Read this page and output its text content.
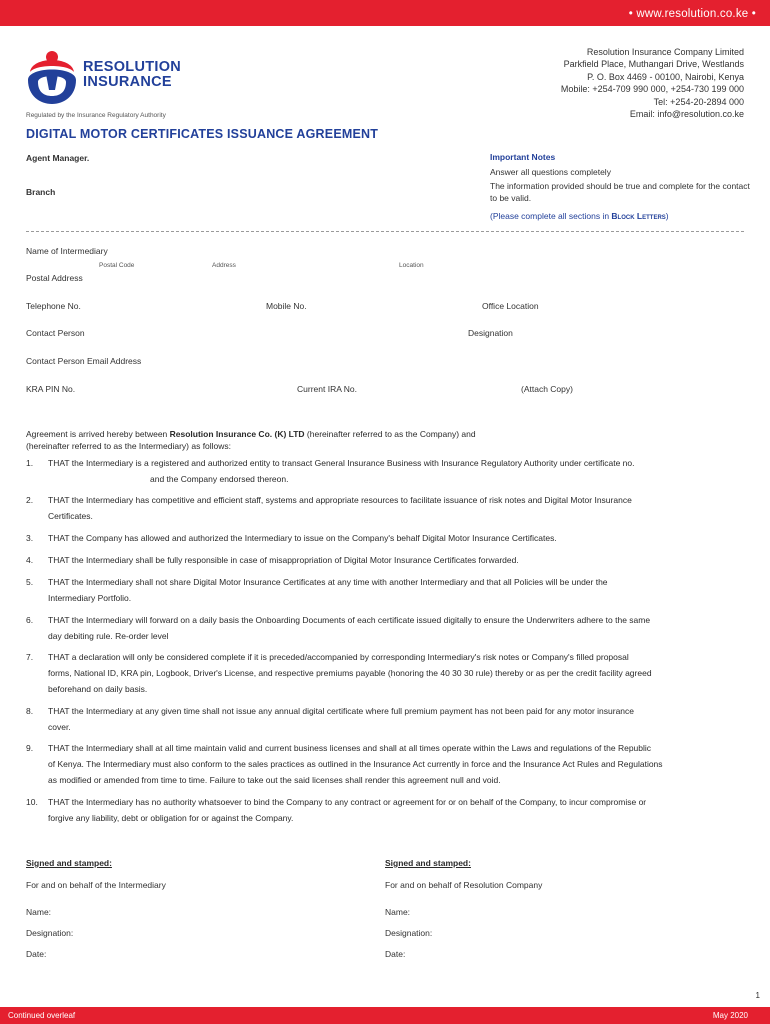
• www.resolution.co.ke •
RESOLUTION
INSURANCE
Regulated by the Insurance Regulatory Authority
Resolution Insurance Company Limited
Parkfield Place, Muthangari Drive, Westlands
P. O. Box 4469 - 00100, Nairobi, Kenya
Mobile: +254-709 990 000, +254-730 199 000
Tel: +254-20-2894 000
Email: info@resolution.co.ke
DIGITAL MOTOR CERTIFICATES ISSUANCE AGREEMENT
Agent Manager.
Branch
Important Notes
Answer all questions completely
The information provided should be true and complete for the contact to be valid.
(Please complete all sections in Block Letters)
Name of Intermediary
Postal Code	Address	Location
Postal Address
Telephone No.	Mobile No.	Office Location
Contact Person	Designation
Contact Person Email Address
KRA PIN No.	Current IRA No.	(Attach Copy)
Agreement is arrived hereby between Resolution Insurance Co. (K) LTD (hereinafter referred to as the Company) and
(hereinafter referred to as the Intermediary) as follows:
1. THAT the Intermediary is a registered and authorized entity to transact General Insurance Business with Insurance Regulatory Authority under certificate no.
and the Company endorsed thereon.
2. THAT the Intermediary has competitive and efficient staff, systems and appropriate resources to facilitate issuance of risk notes and Digital Motor Insurance
Certificates.
3. THAT the Company has allowed and authorized the Intermediary to issue on the Company's behalf Digital Motor Insurance Certificates.
4. THAT the Intermediary shall be fully responsible in case of misappropriation of Digital Motor Insurance Certificates forwarded.
5. THAT the Intermediary shall not share Digital Motor Insurance Certificates at any time with another Intermediary and that all Policies will be under the
Intermediary Portfolio.
6. THAT the Intermediary will forward on a daily basis the Onboarding Documents of each certificate issued digitally to ensure the Underwriters adhere to the same
day debiting rule. Re-order level
7. THAT a declaration will only be considered complete if it is preceded/accompanied by corresponding Intermediary's risk notes or Company's filled proposal
forms, National ID, KRA pin, Logbook, Driver's License, and respective premiums payable (honoring the 40 30 30 rule) thereby or as per the credit facility agreed
beforehand on daily basis.
8. THAT the Intermediary at any given time shall not issue any annual digital certificate where full premium payment has not been paid for any motor insurance
cover.
9. THAT the Intermediary shall at all time maintain valid and current business licenses and shall at all times operate within the Laws and regulations of the Republic
of Kenya. The Intermediary must also conform to the sales practices as outlined in the Insurance Act currently in force and the Insurance Act Rules and Regulations
as modified or amended from time to time. Failure to take out the said licenses shall render this agreement null and void.
10. THAT the Intermediary has no authority whatsoever to bind the Company to any contract or agreement for or on behalf of the Company, to incur compromise or
forgive any liability, debt or obligation for or against the Company.
Signed and stamped:
For and on behalf of the Intermediary
Name:
Designation:
Date:
Signed and stamped:
For and on behalf of Resolution Company
Name:
Designation:
Date:
1
Continued overleaf	May 2020
